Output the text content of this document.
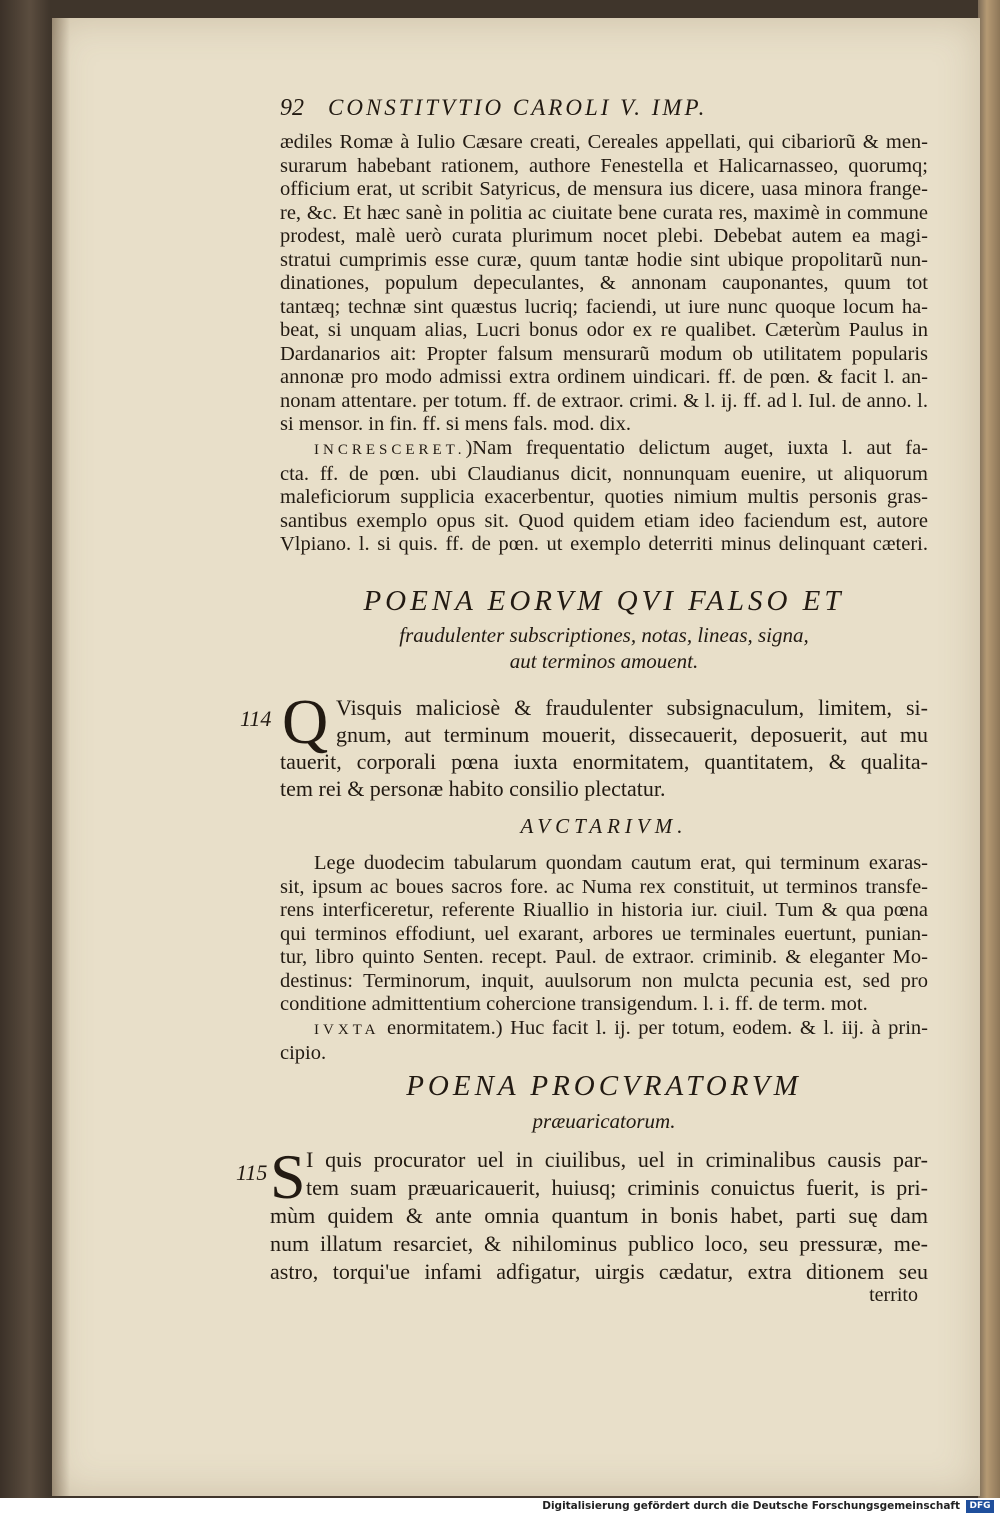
92 CONSTITVTIO CAROLI V. IMP.
ædiles Romæ à Iulio Cæsare creati, Cereales appellati, qui cibariorũ & men-
surarum habebant rationem, authore Fenestella et Halicarnasseo, quorumq;
officium erat, ut scribit Satyricus, de mensura ius dicere, uasa minora frange-
re, &c. Et hæc sanè in politia ac ciuitate bene curata res, maximè in commune
prodest, malè uerò curata plurimum nocet plebi. Debebat autem ea magi-
stratui cumprimis esse curæ, quum tantæ hodie sint ubique propolitarũ nun-
dinationes, populum depeculantes, & annonam cauponantes, quum tot
tantæq; technæ sint quæstus lucriq; faciendi, ut iure nunc quoque locum ha-
beat, si unquam alias, Lucri bonus odor ex re qualibet. Cæterùm Paulus in
Dardanarios ait: Propter falsum mensurarũ modum ob utilitatem popularis
annonæ pro modo admissi extra ordinem uindicari. ff. de pœn. & facit l. an-
nonam attentare. per totum. ff. de extraor. crimi. & l. ij. ff. ad l. Iul. de anno. l.
si mensor. in fin. ff. si mens fals. mod. dix.
INCRESCERET.)Nam frequentatio delictum auget, iuxta l. aut fa-
cta. ff. de pœn. ubi Claudianus dicit, nonnunquam euenire, ut aliquorum
maleficiorum supplicia exacerbentur, quoties nimium multis personis gras-
santibus exemplo opus sit. Quod quidem etiam ideo faciendum est, autore
Vlpiano. l. si quis. ff. de pœn. ut exemplo deterriti minus delinquant cæteri.
POENA EORVM QVI FALSO ET
fraudulenter subscriptiones, notas, lineas, signa,
aut terminos amouent.
114 Q Visquis maliciosè & fraudulenter subsignaculum, limitem, si-
gnum, aut terminum mouerit, dissecauerit, deposuerit, aut mu
tauerit, corporali pœna iuxta enormitatem, quantitatem, & qualita-
tem rei & personæ habito consilio plectatur.
AVCTARIVM.
Lege duodecim tabularum quondam cautum erat, qui terminum exaras-
sit, ipsum ac boues sacros fore. ac Numa rex constituit, ut terminos transfe-
rens interficeretur, referente Riuallio in historia iur. ciuil. Tum & qua pœna
qui terminos effodiunt, uel exarant, arbores ue terminales euertunt, punian-
tur, libro quinto Senten. recept. Paul. de extraor. criminib. & eleganter Mo-
destinus: Terminorum, inquit, auulsorum non mulcta pecunia est, sed pro
conditione admittentium cohercione transigendum. l. i. ff. de term. mot.
IVXTA enormitatem.) Huc facit l. ij. per totum, eodem. & l. iij. à prin-
cipio.
POENA PROCVRATORVM
præuaricatorum.
115 S I quis procurator uel in ciuilibus, uel in criminalibus causis par-
tem suam præuaricauerit, huiusq; criminis conuictus fuerit, is pri-
mùm quidem & ante omnia quantum in bonis habet, parti suę dam
num illatum resarciet, & nihilominus publico loco, seu pressuræ, me-
astro, torqui'ue infami adfigatur, uirgis cædatur, extra ditionem seu
territo
Digitalisierung gefördert durch die Deutsche Forschungsgemeinschaft	DFG
